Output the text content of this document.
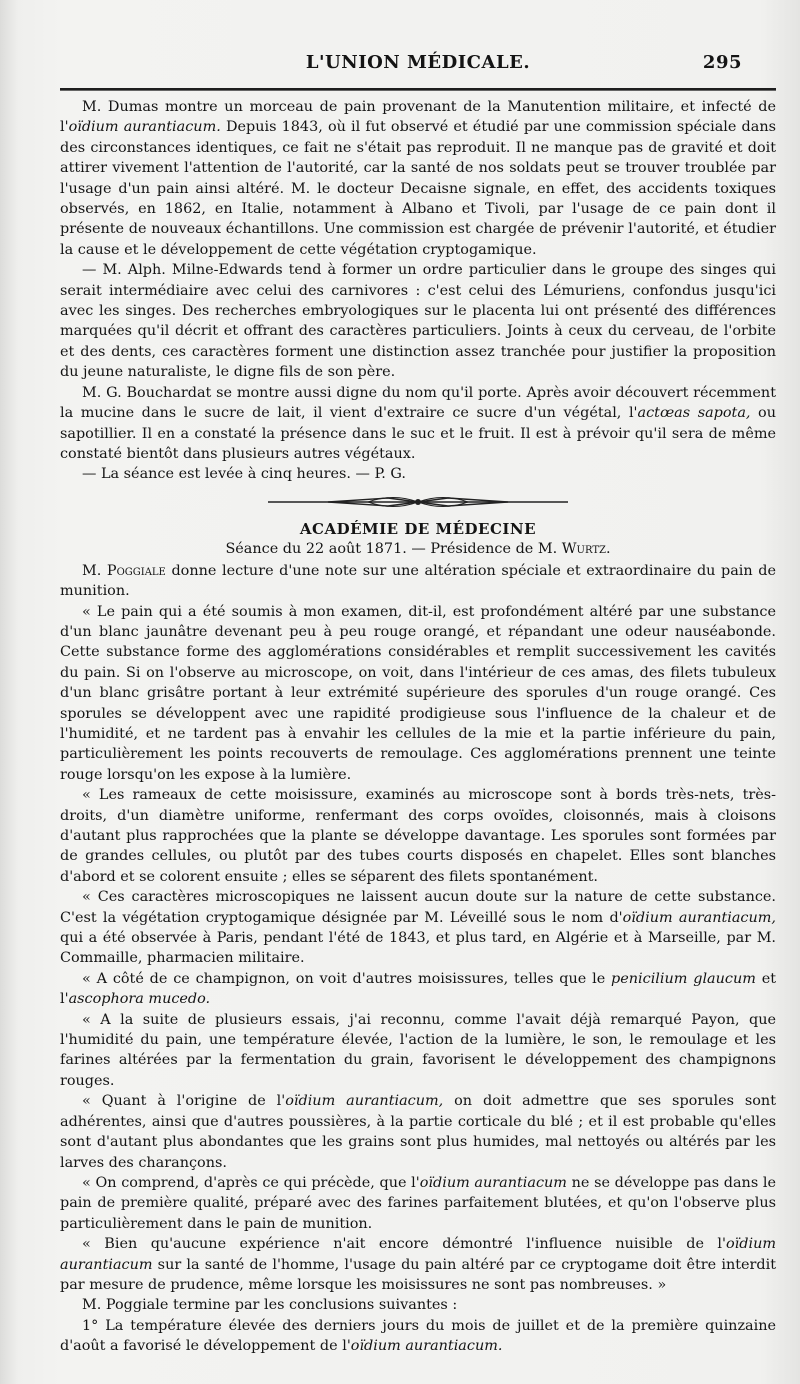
L'UNION MÉDICALE.	295

M. Dumas montre un morceau de pain provenant de la Manutention militaire, et infecté de l'oïdium aurantiacum. Depuis 1843, où il fut observé et étudié par une commission spéciale dans des circonstances identiques, ce fait ne s'était pas reproduit. Il ne manque pas de gravité et doit attirer vivement l'attention de l'autorité, car la santé de nos soldats peut se trouver troublée par l'usage d'un pain ainsi altéré. M. le docteur Decaisne signale, en effet, des accidents toxiques observés, en 1862, en Italie, notamment à Albano et Tivoli, par l'usage de ce pain dont il présente de nouveaux échantillons. Une commission est chargée de prévenir l'autorité, et étudier la cause et le développement de cette végétation cryptogamique.

— M. Alph. Milne-Edwards tend à former un ordre particulier dans le groupe des singes qui serait intermédiaire avec celui des carnivores : c'est celui des Lémuriens, confondus jusqu'ici avec les singes. Des recherches embryologiques sur le placenta lui ont présenté des différences marquées qu'il décrit et offrant des caractères particuliers. Joints à ceux du cerveau, de l'orbite et des dents, ces caractères forment une distinction assez tranchée pour justifier la proposition du jeune naturaliste, le digne fils de son père.

M. G. Bouchardat se montre aussi digne du nom qu'il porte. Après avoir découvert récemment la mucine dans le sucre de lait, il vient d'extraire ce sucre d'un végétal, l'actœas sapota, ou sapotillier. Il en a constaté la présence dans le suc et le fruit. Il est à prévoir qu'il sera de même constaté bientôt dans plusieurs autres végétaux.

— La séance est levée à cinq heures. — P. G.

ACADÉMIE DE MÉDECINE
Séance du 22 août 1871. — Présidence de M. Wurtz.

M. Poggiale donne lecture d'une note sur une altération spéciale et extraordinaire du pain de munition.

« Le pain qui a été soumis à mon examen, dit-il, est profondément altéré par une substance d'un blanc jaunâtre devenant peu à peu rouge orangé, et répandant une odeur nauséabonde. Cette substance forme des agglomérations considérables et remplit successivement les cavités du pain. Si on l'observe au microscope, on voit, dans l'intérieur de ces amas, des filets tubuleux d'un blanc grisâtre portant à leur extrémité supérieure des sporules d'un rouge orangé. Ces sporules se développent avec une rapidité prodigieuse sous l'influence de la chaleur et de l'humidité, et ne tardent pas à envahir les cellules de la mie et la partie inférieure du pain, particulièrement les points recouverts de remoulage. Ces agglomérations prennent une teinte rouge lorsqu'on les expose à la lumière.

« Les rameaux de cette moisissure, examinés au microscope sont à bords très-nets, très-droits, d'un diamètre uniforme, renfermant des corps ovoïdes, cloisonnés, mais à cloisons d'autant plus rapprochées que la plante se développe davantage. Les sporules sont formées par de grandes cellules, ou plutôt par des tubes courts disposés en chapelet. Elles sont blanches d'abord et se colorent ensuite ; elles se séparent des filets spontanément.

« Ces caractères microscopiques ne laissent aucun doute sur la nature de cette substance. C'est la végétation cryptogamique désignée par M. Léveillé sous le nom d'oïdium aurantiacum, qui a été observée à Paris, pendant l'été de 1843, et plus tard, en Algérie et à Marseille, par M. Commaille, pharmacien militaire.

« A côté de ce champignon, on voit d'autres moisissures, telles que le penicilium glaucum et l'ascophora mucedo.

« A la suite de plusieurs essais, j'ai reconnu, comme l'avait déjà remarqué Payon, que l'humidité du pain, une température élevée, l'action de la lumière, le son, le remoulage et les farines altérées par la fermentation du grain, favorisent le développement des champignons rouges.

« Quant à l'origine de l'oïdium aurantiacum, on doit admettre que ses sporules sont adhérentes, ainsi que d'autres poussières, à la partie corticale du blé ; et il est probable qu'elles sont d'autant plus abondantes que les grains sont plus humides, mal nettoyés ou altérés par les larves des charançons.

« On comprend, d'après ce qui précède, que l'oïdium aurantiacum ne se développe pas dans le pain de première qualité, préparé avec des farines parfaitement blutées, et qu'on l'observe plus particulièrement dans le pain de munition.

« Bien qu'aucune expérience n'ait encore démontré l'influence nuisible de l'oïdium aurantiacum sur la santé de l'homme, l'usage du pain altéré par ce cryptogame doit être interdit par mesure de prudence, même lorsque les moisissures ne sont pas nombreuses. »

M. Poggiale termine par les conclusions suivantes :

1° La température élevée des derniers jours du mois de juillet et de la première quinzaine d'août a favorisé le développement de l'oïdium aurantiacum.
